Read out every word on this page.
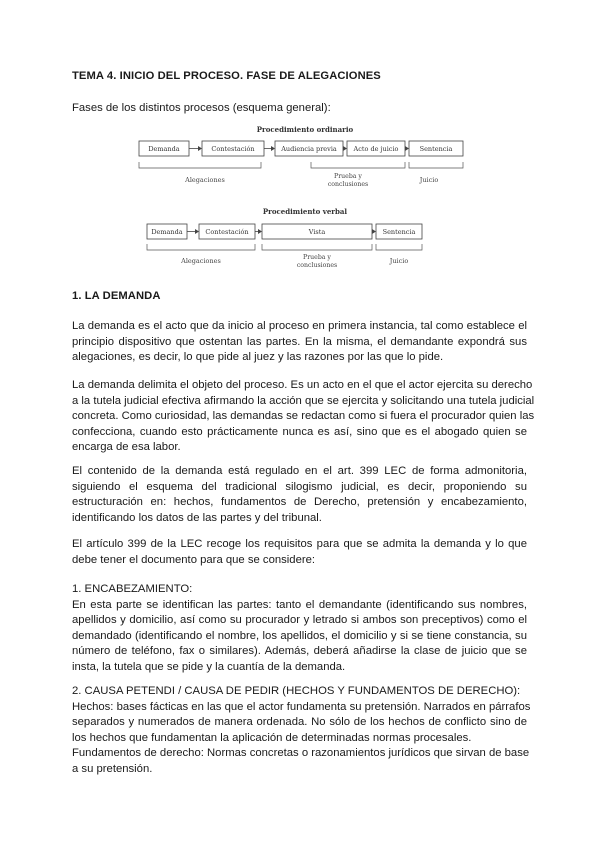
TEMA 4. INICIO DEL PROCESO. FASE DE ALEGACIONES
Fases de los distintos procesos (esquema general):
Procedimiento ordinario
Demanda	Contestación	Audiencia previa	Acto de juicio	Sentencia
Alegaciones	Prueba y conclusiones	Juicio
Procedimiento verbal
Demanda	Contestación	Vista	Sentencia
Alegaciones	Prueba y conclusiones	Juicio
1. LA DEMANDA
La demanda es el acto que da inicio al proceso en primera instancia, tal como establece el
principio dispositivo que ostentan las partes. En la misma, el demandante expondrá sus
alegaciones, es decir, lo que pide al juez y las razones por las que lo pide.
La demanda delimita el objeto del proceso. Es un acto en el que el actor ejercita su derecho
a la tutela judicial efectiva afirmando la acción que se ejercita y solicitando una tutela judicial
concreta. Como curiosidad, las demandas se redactan como si fuera el procurador quien las
confecciona, cuando esto prácticamente nunca es así, sino que es el abogado quien se
encarga de esa labor.
El contenido de la demanda está regulado en el art. 399 LEC de forma admonitoria,
siguiendo el esquema del tradicional silogismo judicial, es decir, proponiendo su
estructuración en: hechos, fundamentos de Derecho, pretensión y encabezamiento,
identificando los datos de las partes y del tribunal.
El artículo 399 de la LEC recoge los requisitos para que se admita la demanda y lo que
debe tener el documento para que se considere:
1. ENCABEZAMIENTO:
En esta parte se identifican las partes: tanto el demandante (identificando sus nombres,
apellidos y domicilio, así como su procurador y letrado si ambos son preceptivos) como el
demandado (identificando el nombre, los apellidos, el domicilio y si se tiene constancia, su
número de teléfono, fax o similares). Además, deberá añadirse la clase de juicio que se
insta, la tutela que se pide y la cuantía de la demanda.
2. CAUSA PETENDI / CAUSA DE PEDIR (HECHOS Y FUNDAMENTOS DE DERECHO):
Hechos: bases fácticas en las que el actor fundamenta su pretensión. Narrados en párrafos
separados y numerados de manera ordenada. No sólo de los hechos de conflicto sino de
los hechos que fundamentan la aplicación de determinadas normas procesales.
Fundamentos de derecho: Normas concretas o razonamientos jurídicos que sirvan de base
a su pretensión.
